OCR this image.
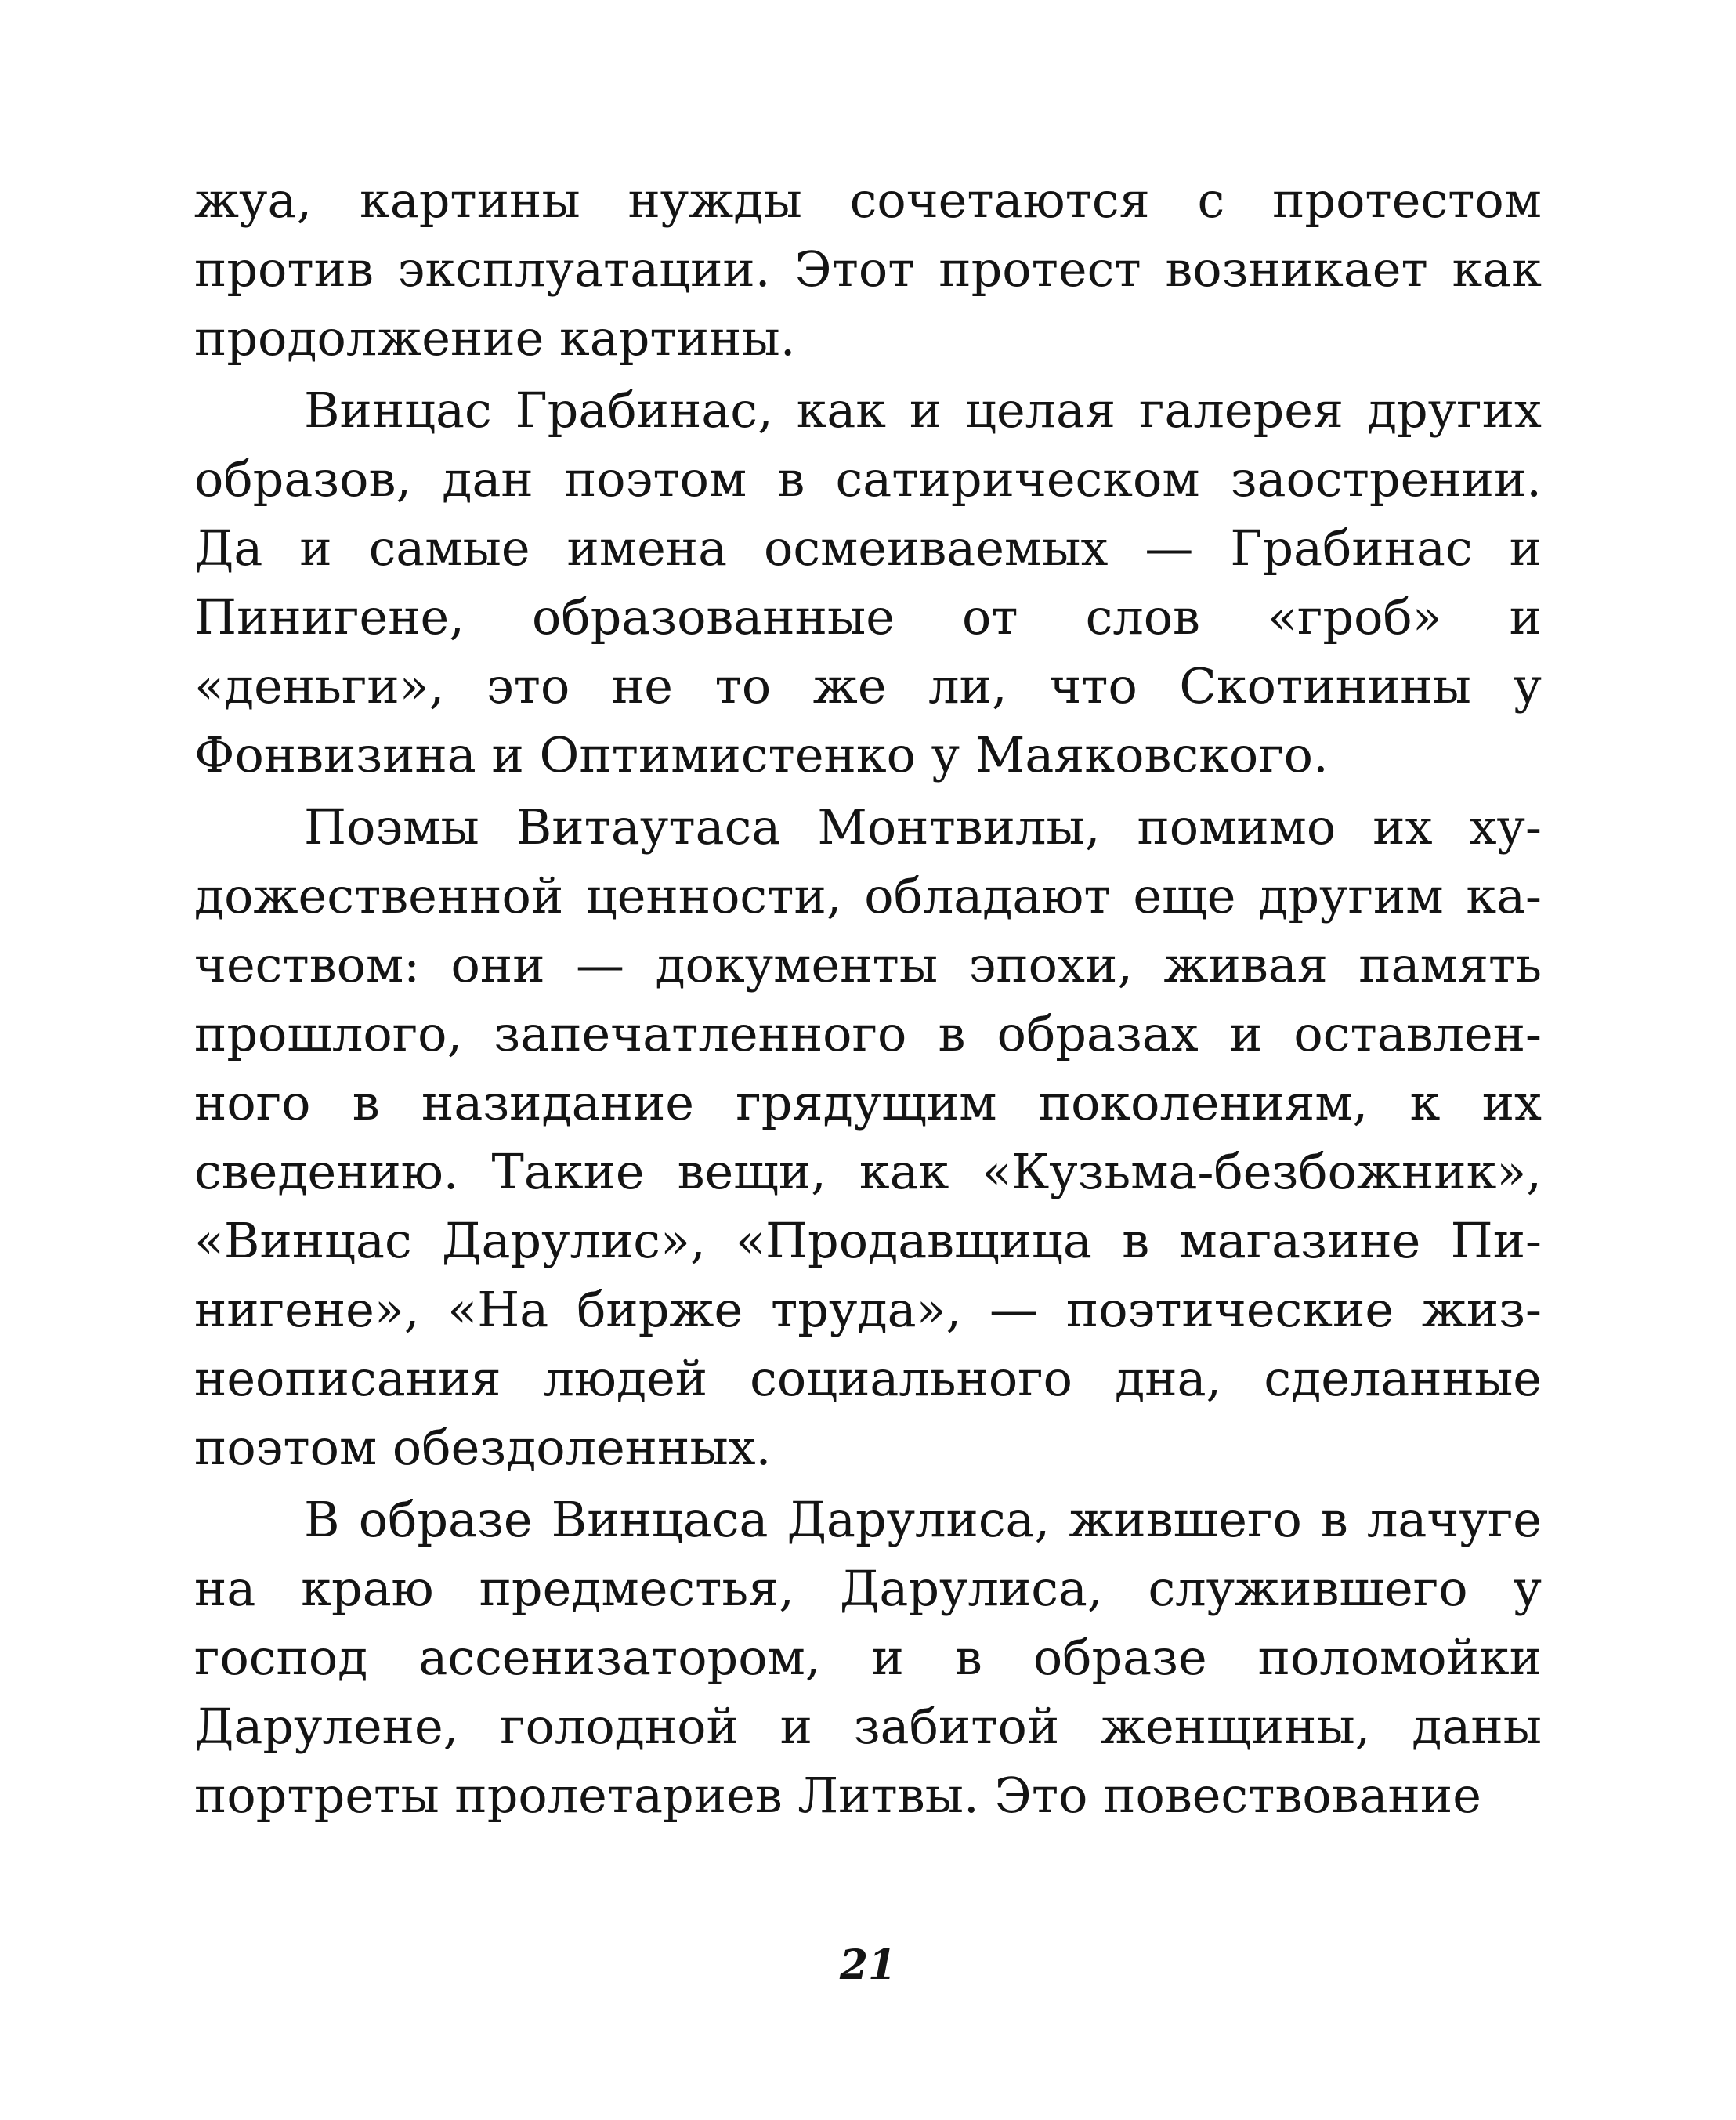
жуа, картины нужды сочетаются с протестом против эксплуатации. Этот протест возникает как продолжение картины.

Винцас Грабинас, как и целая галерея других образов, дан поэтом в сатирическом заострении. Да и самые имена осмеиваемых — Грабинас и Пинигене, образованные от слов «гроб» и «деньги», это не то же ли, что Скотинины у Фонвизина и Оптимистенко у Маяковского.

Поэмы Витаутаса Монтвилы, помимо их художественной ценности, обладают еще другим качеством: они — документы эпохи, живая память прошлого, запечатленного в образах и оставленного в назидание грядущим поколениям, к их сведению. Такие вещи, как «Кузьма-безбожник», «Винцас Дарулис», «Продавщица в магазине Пинигене», «На бирже труда», — поэтические жизнеописания людей социального дна, сделанные поэтом обездоленных.

В образе Винцаса Дарулиса, жившего в лачуге на краю предместья, Дарулиса, служившего у господ ассенизатором, и в образе поломойки Дарулене, голодной и забитой женщины, даны портреты пролетариев Литвы. Это повествование

21
